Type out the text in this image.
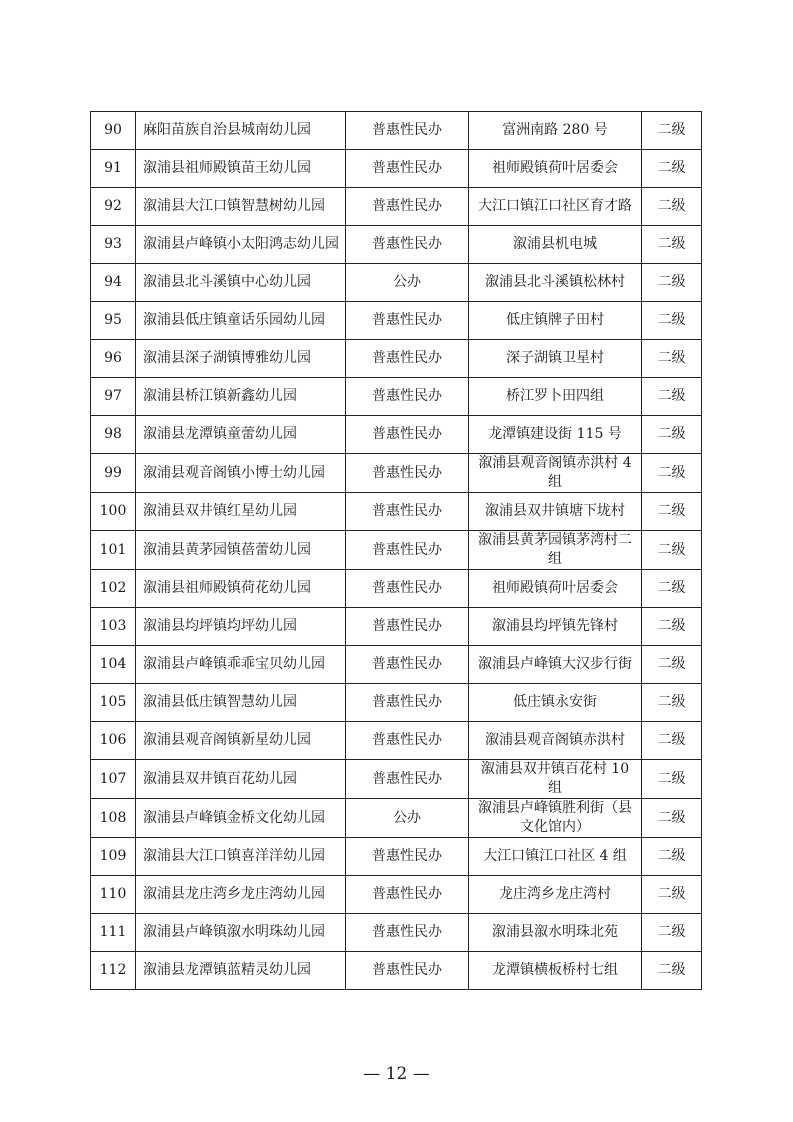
90	麻阳苗族自治县城南幼儿园	普惠性民办	富洲南路 280 号	二级
91	溆浦县祖师殿镇苗王幼儿园	普惠性民办	祖师殿镇荷叶居委会	二级
92	溆浦县大江口镇智慧树幼儿园	普惠性民办	大江口镇江口社区育才路	二级
93	溆浦县卢峰镇小太阳鸿志幼儿园	普惠性民办	溆浦县机电城	二级
94	溆浦县北斗溪镇中心幼儿园	公办	溆浦县北斗溪镇松林村	二级
95	溆浦县低庄镇童话乐园幼儿园	普惠性民办	低庄镇牌子田村	二级
96	溆浦县深子湖镇博雅幼儿园	普惠性民办	深子湖镇卫星村	二级
97	溆浦县桥江镇新鑫幼儿园	普惠性民办	桥江罗卜田四组	二级
98	溆浦县龙潭镇童蕾幼儿园	普惠性民办	龙潭镇建设街 115 号	二级
99	溆浦县观音阁镇小博士幼儿园	普惠性民办	溆浦县观音阁镇赤洪村 4 组	二级
100	溆浦县双井镇红星幼儿园	普惠性民办	溆浦县双井镇塘下垅村	二级
101	溆浦县黄茅园镇蓓蕾幼儿园	普惠性民办	溆浦县黄茅园镇茅湾村二组	二级
102	溆浦县祖师殿镇荷花幼儿园	普惠性民办	祖师殿镇荷叶居委会	二级
103	溆浦县均坪镇均坪幼儿园	普惠性民办	溆浦县均坪镇先锋村	二级
104	溆浦县卢峰镇乖乖宝贝幼儿园	普惠性民办	溆浦县卢峰镇大汉步行街	二级
105	溆浦县低庄镇智慧幼儿园	普惠性民办	低庄镇永安街	二级
106	溆浦县观音阁镇新星幼儿园	普惠性民办	溆浦县观音阁镇赤洪村	二级
107	溆浦县双井镇百花幼儿园	普惠性民办	溆浦县双井镇百花村 10 组	二级
108	溆浦县卢峰镇金桥文化幼儿园	公办	溆浦县卢峰镇胜利街（县文化馆内）	二级
109	溆浦县大江口镇喜洋洋幼儿园	普惠性民办	大江口镇江口社区 4 组	二级
110	溆浦县龙庄湾乡龙庄湾幼儿园	普惠性民办	龙庄湾乡龙庄湾村	二级
111	溆浦县卢峰镇溆水明珠幼儿园	普惠性民办	溆浦县溆水明珠北苑	二级
112	溆浦县龙潭镇蓝精灵幼儿园	普惠性民办	龙潭镇横板桥村七组	二级
— 12 —
